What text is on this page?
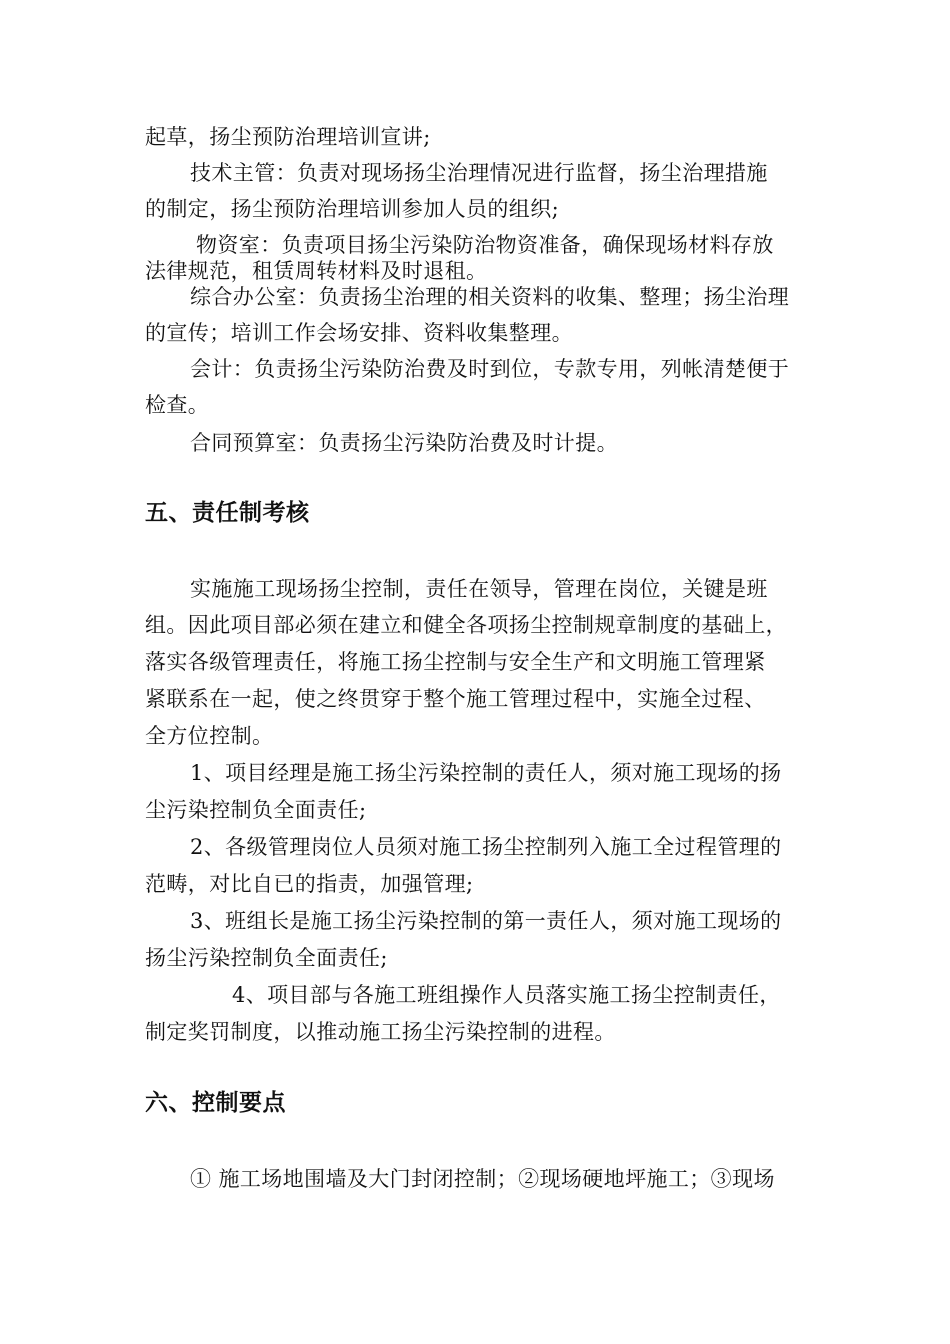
起草，扬尘预防治理培训宣讲;
技术主管：负责对现场扬尘治理情况进行监督，扬尘治理措施
的制定，扬尘预防治理培训参加人员的组织;
物资室：负责项目扬尘污染防治物资准备，确保现场材料存放
法律规范，租赁周转材料及时退租。
综合办公室：负责扬尘治理的相关资料的收集、整理；扬尘治理
的宣传；培训工作会场安排、资料收集整理。
会计：负责扬尘污染防治费及时到位，专款专用，列帐清楚便于
检查。
合同预算室：负责扬尘污染防治费及时计提。
五、责任制考核
实施施工现场扬尘控制，责任在领导，管理在岗位，关键是班
组。因此项目部必须在建立和健全各项扬尘控制规章制度的基础上，
落实各级管理责任，将施工扬尘控制与安全生产和文明施工管理紧
紧联系在一起，使之终贯穿于整个施工管理过程中，实施全过程、
全方位控制。
1、项目经理是施工扬尘污染控制的责任人，须对施工现场的扬
尘污染控制负全面责任;
2、各级管理岗位人员须对施工扬尘控制列入施工全过程管理的
范畴，对比自已的指责，加强管理;
3、班组长是施工扬尘污染控制的第一责任人，须对施工现场的
扬尘污染控制负全面责任;
4、项目部与各施工班组操作人员落实施工扬尘控制责任，
制定奖罚制度，以推动施工扬尘污染控制的进程。
六、控制要点
① 施工场地围墙及大门封闭控制；②现场硬地坪施工；③现场
